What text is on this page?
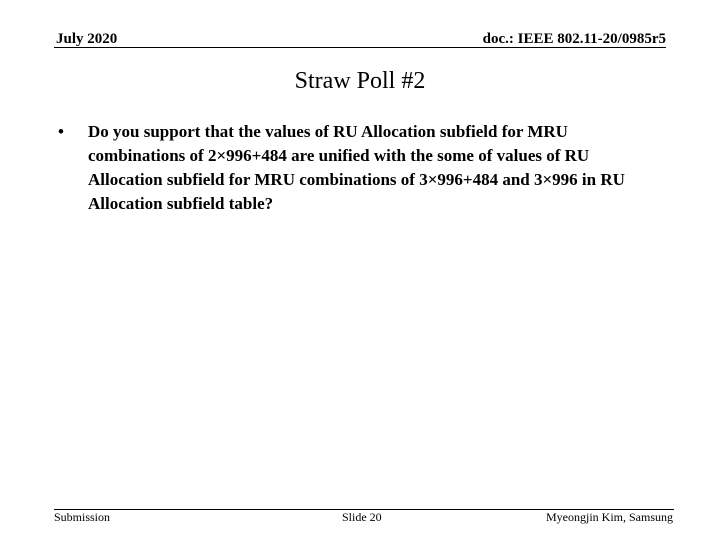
July 2020	doc.: IEEE 802.11-20/0985r5
Straw Poll #2
• Do you support that the values of RU Allocation subfield for MRU combinations of 2×996+484 are unified with the some of values of RU Allocation subfield for MRU combinations of 3×996+484 and 3×996 in RU Allocation subfield table?
Submission	Slide 20	Myeongjin Kim, Samsung
